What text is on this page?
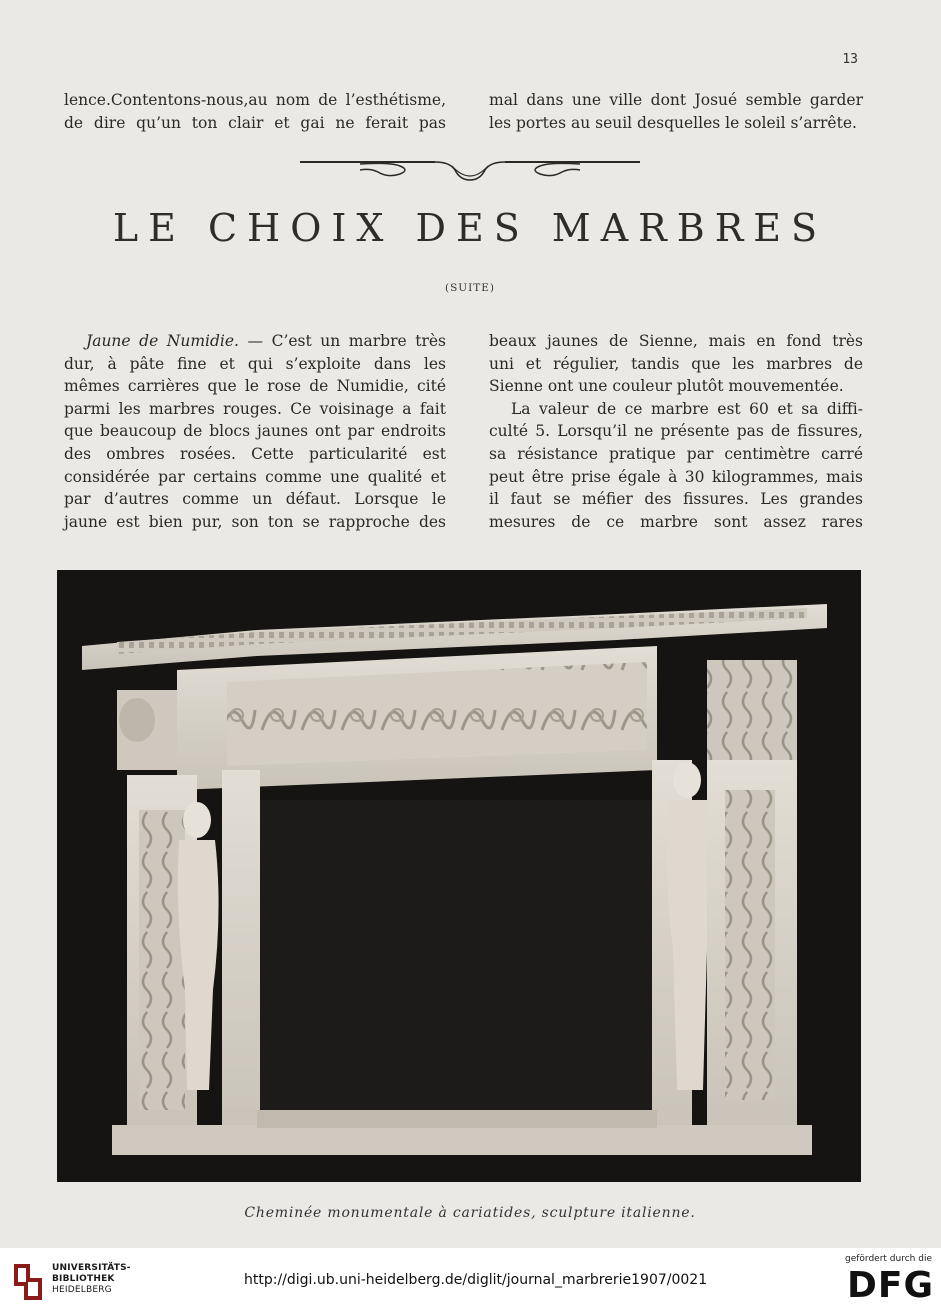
13

lence.Contentons-nous,au nom de l’esthétisme,

de dire qu’un ton clair et gai ne ferait pas

mal dans une ville dont Josué semble garder

les portes au seuil desquelles le soleil s’arrête.

LE CHOIX DES MARBRES
(SUITE)

Jaune de Numidie. — C’est un marbre très

dur, à pâte fine et qui s’exploite dans les

mêmes carrières que le rose de Numidie, cité

parmi les marbres rouges. Ce voisinage a fait

que beaucoup de blocs jaunes ont par endroits

des ombres rosées. Cette particularité est

considérée par certains comme une qualité et

par d’autres comme un défaut. Lorsque le

jaune est bien pur, son ton se rapproche des

beaux jaunes de Sienne, mais en fond très

uni et régulier, tandis que les marbres de

Sienne ont une couleur plutôt mouvementée.

La valeur de ce marbre est 60 et sa diffi-

culté 5. Lorsqu’il ne présente pas de fissures,

sa résistance pratique par centimètre carré

peut être prise égale à 30 kilogrammes, mais

il faut se méfier des fissures. Les grandes

mesures de ce marbre sont assez rares

Cheminée monumentale à cariatides, sculpture italienne.
UNIVERSITÄTS-
BIBLIOTHEK
HEIDELBERG
http://digi.ub.uni-heidelberg.de/diglit/journal_marbrerie1907/0021
gefördert durch die
DFG
